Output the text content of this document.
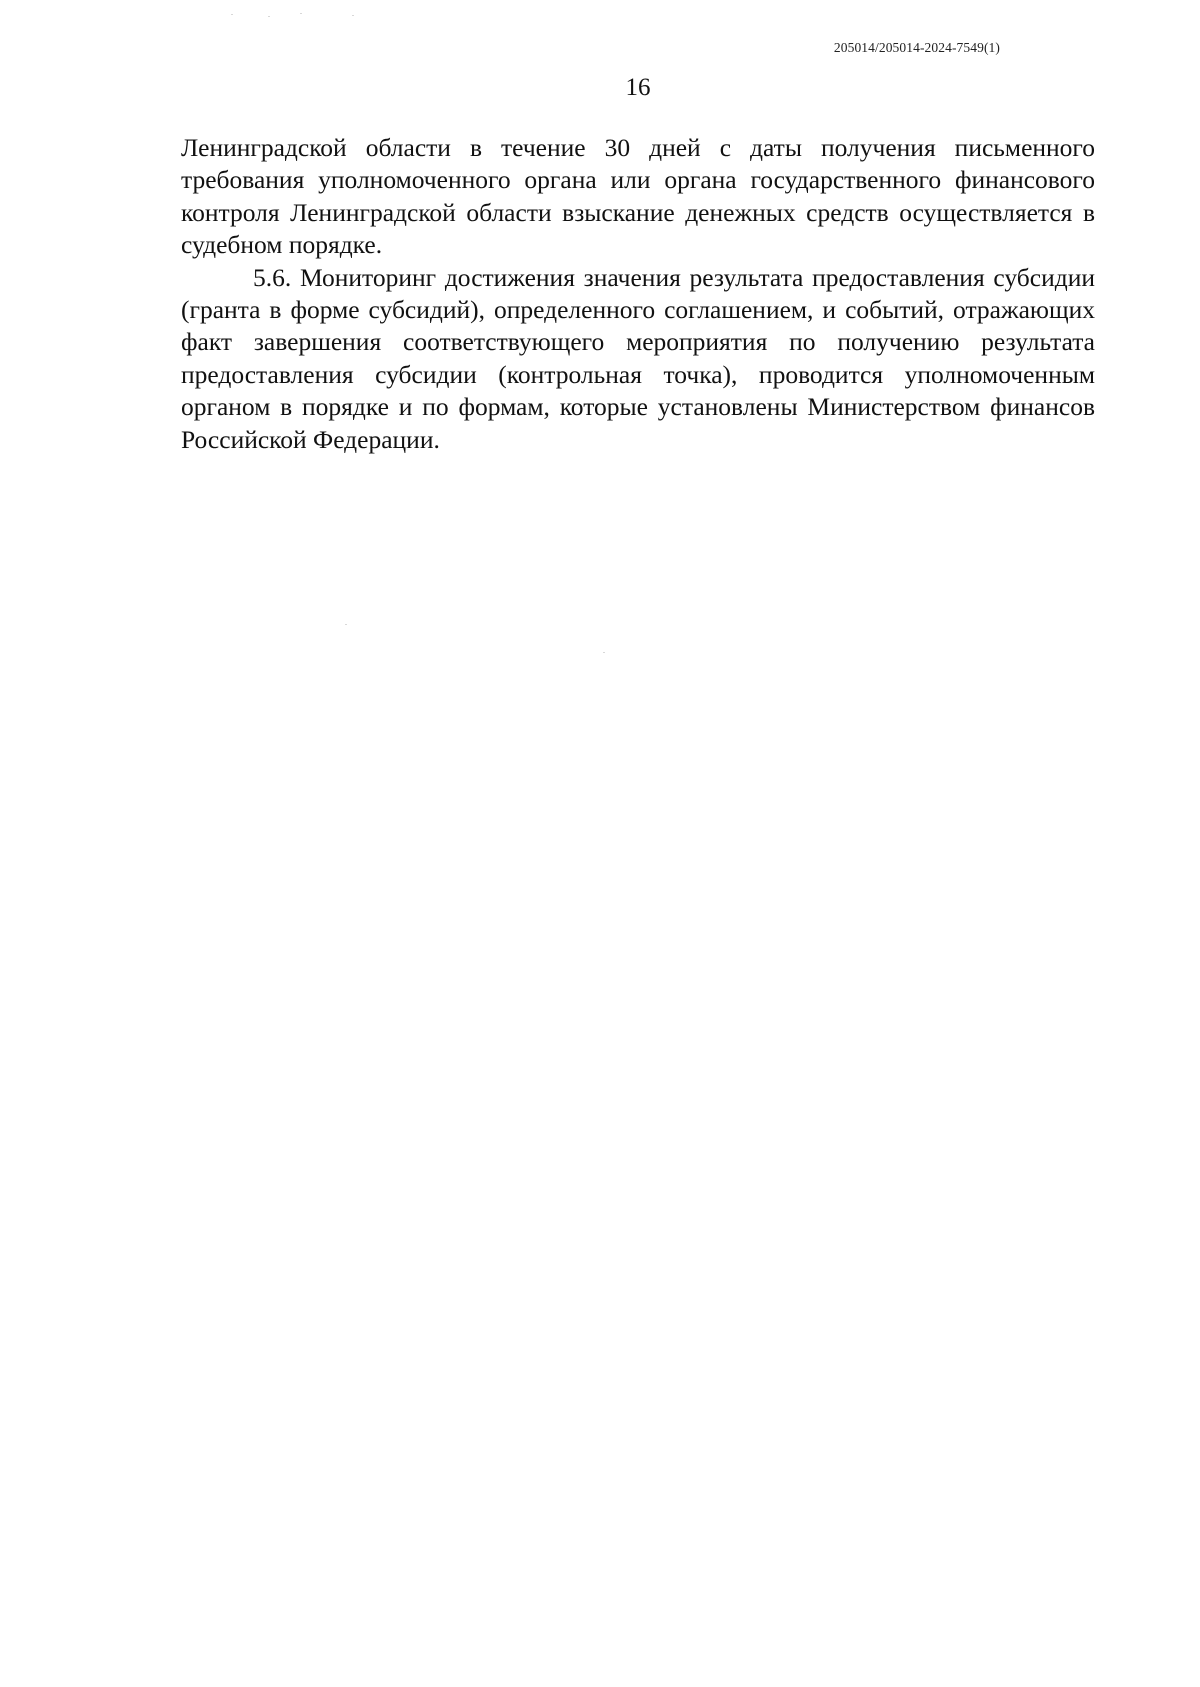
205014/205014-2024-7549(1)
16

Ленинградской области в течение 30 дней с даты получения письменного требования уполномоченного органа или органа государственного финансового контроля Ленинградской области взыскание денежных средств осуществляется в судебном порядке.

5.6. Мониторинг достижения значения результата предоставления субсидии (гранта в форме субсидий), определенного соглашением, и событий, отражающих факт завершения соответствующего мероприятия по получению результата предоставления субсидии (контрольная точка), проводится уполномоченным органом в порядке и по формам, которые установлены Министерством финансов Российской Федерации.
